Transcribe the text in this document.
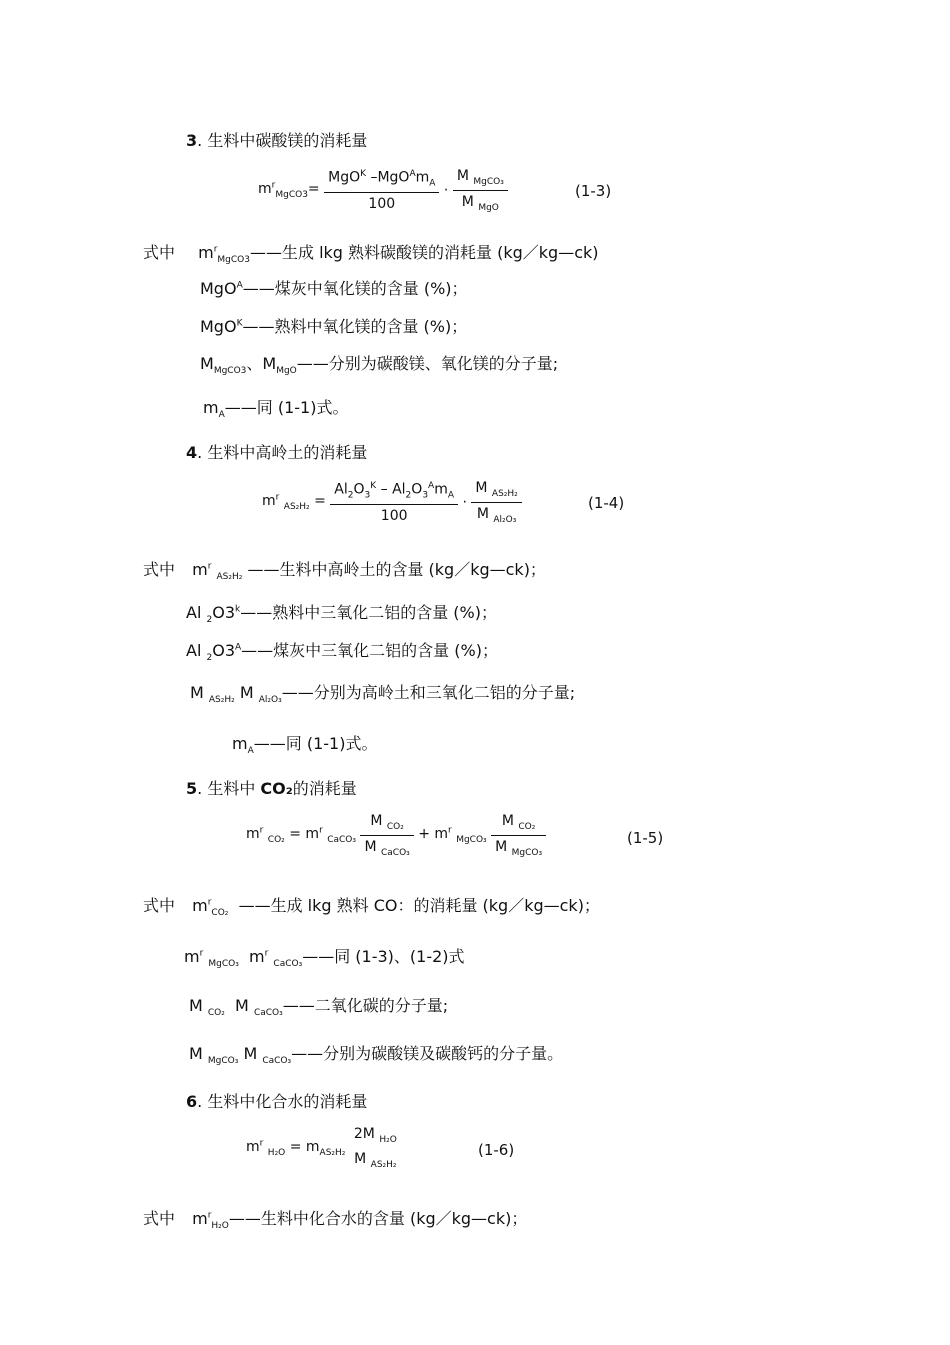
3. 生料中碳酸镁的消耗量
$m^r_{MgCO3}= \frac{MgO^K -MgO^Am_A}{100} \cdot \frac{M _{MgCO_3}}{M _{MgO}}$	(1-3)
式中 $m^r_{MgCO3}——$生成 lkg 熟料碳酸镁的消耗量 (kg／kg—ck)
MgO$^A$——煤灰中氧化镁的含量 (%)；
MgO$^K$——熟料中氧化镁的含量 (%)；
$M_{MgCO3}$、$M_{MgO}——$分别为碳酸镁、氧化镁的分子量;
$m_A——$同 (1-1)式。
4. 生料中高岭土的消耗量
$m^r$ $_{AS_2H_2} = \frac{Al_2O_3^K - Al_2O_3^Am_A}{100} \cdot \frac{M _{AS_2H_2}}{M _{Al_2O_3}}$	(1-4)
式中 $m^r$ $_{AS_2H_2}$ ——生料中高岭土的含量 (kg／kg—ck)；
Al $_2O3^k——$熟料中三氧化二铝的含量 (%)；
Al $_2O3^A——$煤灰中三氧化二铝的含量 (%)；
M $_{AS_2H_2}$ M $_{Al_2O_3}$——分别为高岭土和三氧化二铝的分子量;
$m_A——$同 (1-1)式。
5. 生料中 CO₂的消耗量
$m^r$ $_{CO_2} = m^r$ $_{CaCO_3} \frac{M _{CO_2}}{M _{CaCO_3}} + m^r$ $_{MgCO_3} \frac{M _{CO_2}}{M _{MgCO_3}}$	(1-5)
式中 $m^r_{CO_2}$ ——生成 lkg 熟料 CO：的消耗量 (kg／kg—ck)；
$m^r$ $_{MgCO_3}$  $m^r$ $_{CaCO_3}$——同 (1-3)、(1-2)式
M $_{CO_2}$  M $_{CaCO_3}$——二氧化碳的分子量;
M $_{MgCO_3}$ M $_{CaCO_3}$——分别为碳酸镁及碳酸钙的分子量。
6. 生料中化合水的消耗量
$m^r$ $_{H_2O} = m_{AS_2H_2}$
2M $_{H_2O}$
M $_{AS_2H_2}$
(1-6)
式中 $m^r_{H_2O}——$生料中化合水的含量 (kg／kg—ck)；
